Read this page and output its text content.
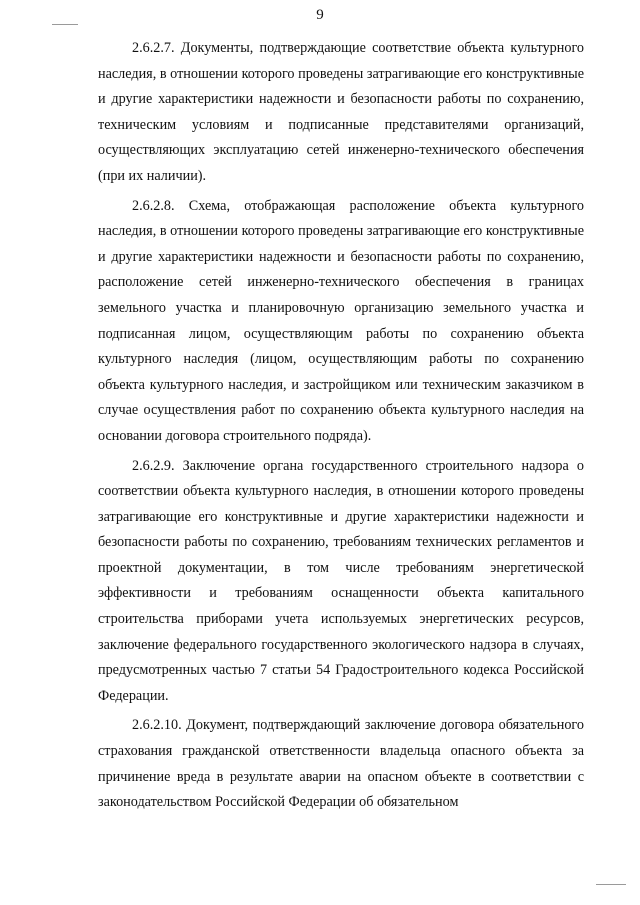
9

2.6.2.7. Документы, подтверждающие соответствие объекта культурного наследия, в отношении которого проведены затрагивающие его конструктивные и другие характеристики надежности и безопасности работы по сохранению, техническим условиям и подписанные представителями организаций, осуществляющих эксплуатацию сетей инженерно-технического обеспечения (при их наличии).

2.6.2.8. Схема, отображающая расположение объекта культурного наследия, в отношении которого проведены затрагивающие его конструктивные и другие характеристики надежности и безопасности работы по сохранению, расположение сетей инженерно-технического обеспечения в границах земельного участка и планировочную организацию земельного участка и подписанная лицом, осуществляющим работы по сохранению объекта культурного наследия (лицом, осуществляющим работы по сохранению объекта культурного наследия, и застройщиком или техническим заказчиком в случае осуществления работ по сохранению объекта культурного наследия на основании договора строительного подряда).

2.6.2.9. Заключение органа государственного строительного надзора о соответствии объекта культурного наследия, в отношении которого проведены затрагивающие его конструктивные и другие характеристики надежности и безопасности работы по сохранению, требованиям технических регламентов и проектной документации, в том числе требованиям энергетической эффективности и требованиям оснащенности объекта капитального строительства приборами учета используемых энергетических ресурсов, заключение федерального государственного экологического надзора в случаях, предусмотренных частью 7 статьи 54 Градостроительного кодекса Российской Федерации.

2.6.2.10. Документ, подтверждающий заключение договора обязательного страхования гражданской ответственности владельца опасного объекта за причинение вреда в результате аварии на опасном объекте в соответствии с законодательством Российской Федерации об обязательном
